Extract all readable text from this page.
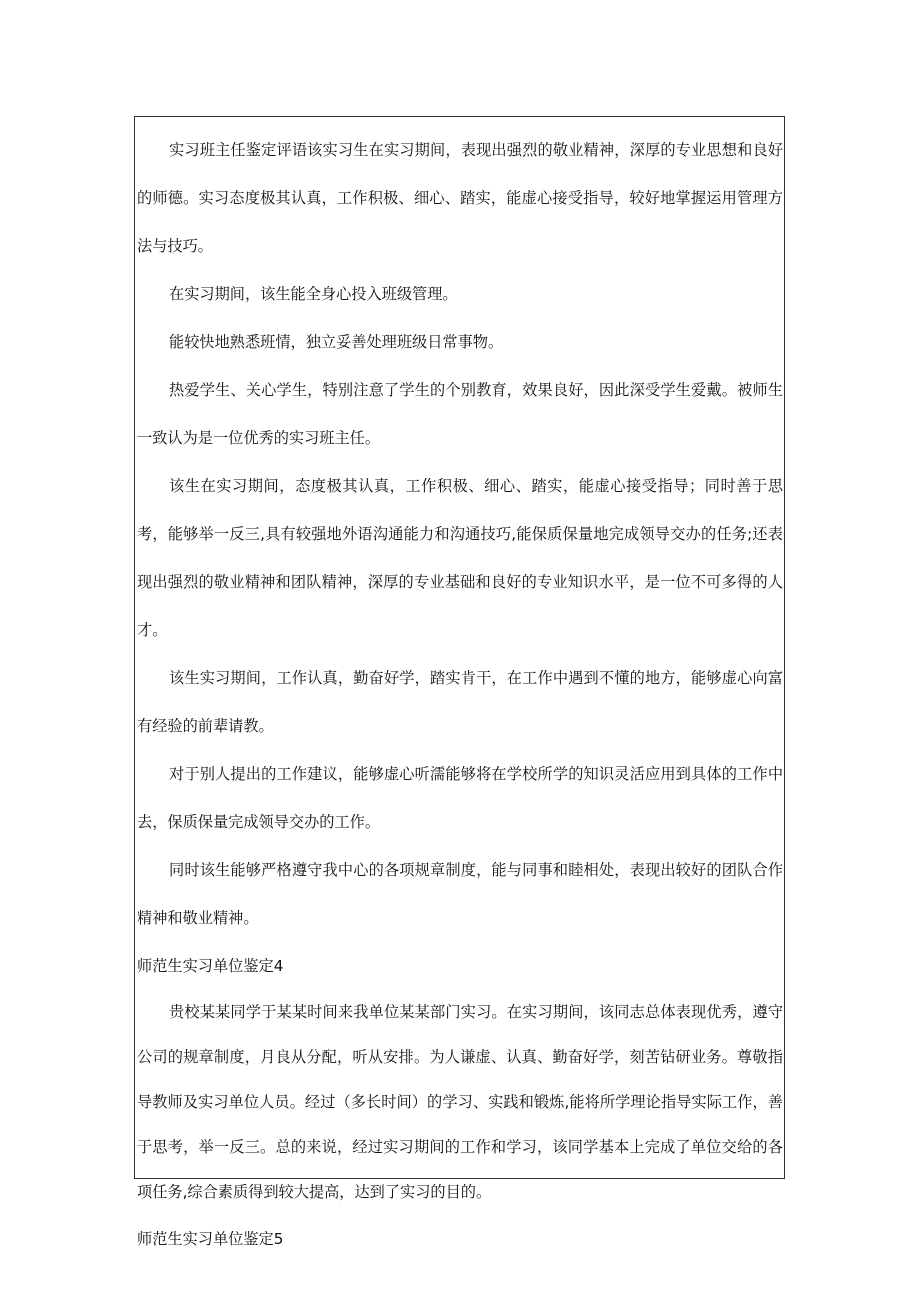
实习班主任鉴定评语该实习生在实习期间，表现出强烈的敬业精神，深厚的专业思想和良好的师德。实习态度极其认真，工作积极、细心、踏实，能虚心接受指导，较好地掌握运用管理方法与技巧。

在实习期间，该生能全身心投入班级管理。

能较快地熟悉班情，独立妥善处理班级日常事物。

热爱学生、关心学生，特别注意了学生的个别教育，效果良好，因此深受学生爱戴。被师生一致认为是一位优秀的实习班主任。

该生在实习期间，态度极其认真，工作积极、细心、踏实，能虚心接受指导；同时善于思考，能够举一反三,具有较强地外语沟通能力和沟通技巧,能保质保量地完成领导交办的任务;还表现出强烈的敬业精神和团队精神，深厚的专业基础和良好的专业知识水平，是一位不可多得的人才。

该生实习期间，工作认真，勤奋好学，踏实肯干，在工作中遇到不懂的地方，能够虚心向富有经验的前辈请教。

对于别人提出的工作建议，能够虚心听濡能够将在学校所学的知识灵活应用到具体的工作中去，保质保量完成领导交办的工作。

同时该生能够严格遵守我中心的各项规章制度，能与同事和睦相处，表现出较好的团队合作精神和敬业精神。

师范生实习单位鉴定4

贵校某某同学于某某时间来我单位某某部门实习。在实习期间，该同志总体表现优秀，遵守公司的规章制度，月良从分配，听从安排。为人谦虚、认真、勤奋好学，刻苦钻研业务。尊敬指导教师及实习单位人员。经过（多长时间）的学习、实践和锻炼,能将所学理论指导实际工作，善于思考，举一反三。总的来说，经过实习期间的工作和学习，该同学基本上完成了单位交给的各项任务,综合素质得到较大提高，达到了实习的目的。

师范生实习单位鉴定5
